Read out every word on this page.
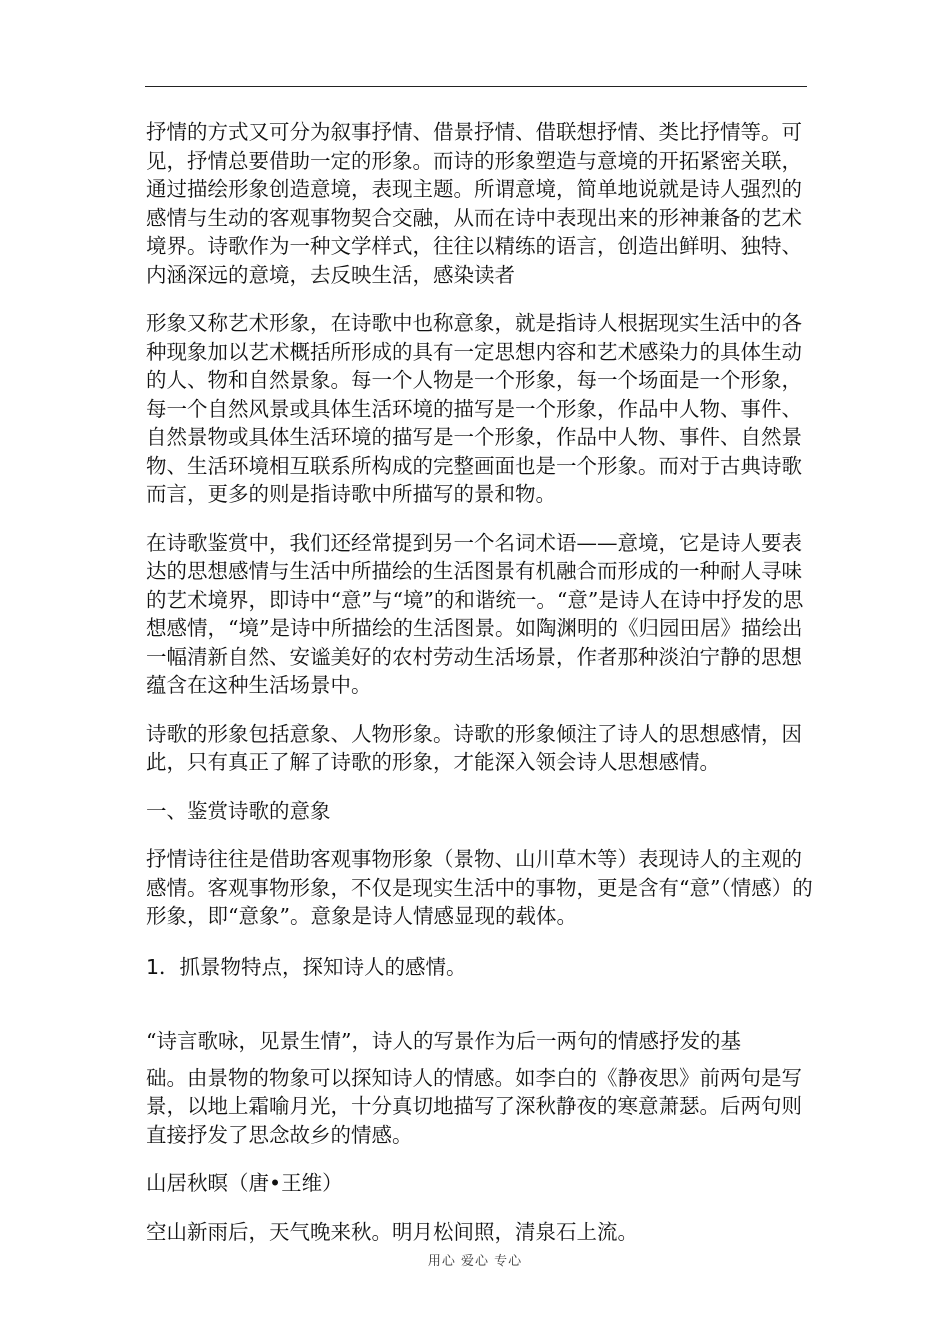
抒情的方式又可分为叙事抒情、借景抒情、借联想抒情、类比抒情等。可见，抒情总要借助一定的形象。而诗的形象塑造与意境的开拓紧密关联，通过描绘形象创造意境，表现主题。所谓意境，简单地说就是诗人强烈的感情与生动的客观事物契合交融，从而在诗中表现出来的形神兼备的艺术境界。诗歌作为一种文学样式，往往以精练的语言，创造出鲜明、独特、内涵深远的意境，去反映生活，感染读者

形象又称艺术形象，在诗歌中也称意象，就是指诗人根据现实生活中的各种现象加以艺术概括所形成的具有一定思想内容和艺术感染力的具体生动的人、物和自然景象。每一个人物是一个形象，每一个场面是一个形象，每一个自然风景或具体生活环境的描写是一个形象，作品中人物、事件、自然景物或具体生活环境的描写是一个形象，作品中人物、事件、自然景物、生活环境相互联系所构成的完整画面也是一个形象。而对于古典诗歌而言，更多的则是指诗歌中所描写的景和物。

在诗歌鉴赏中，我们还经常提到另一个名词术语——意境，它是诗人要表达的思想感情与生活中所描绘的生活图景有机融合而形成的一种耐人寻味的艺术境界，即诗中“意”与“境”的和谐统一。“意”是诗人在诗中抒发的思想感情，“境”是诗中所描绘的生活图景。如陶渊明的《归园田居》描绘出一幅清新自然、安谧美好的农村劳动生活场景，作者那种淡泊宁静的思想蕴含在这种生活场景中。

诗歌的形象包括意象、人物形象。诗歌的形象倾注了诗人的思想感情，因此，只有真正了解了诗歌的形象，才能深入领会诗人思想感情。

一、鉴赏诗歌的意象

抒情诗往往是借助客观事物形象（景物、山川草木等）表现诗人的主观的感情。客观事物形象，不仅是现实生活中的事物，更是含有“意”（情感）的形象，即“意象”。意象是诗人情感显现的载体。

1．抓景物特点，探知诗人的感情。

“诗言歌咏，见景生情”，诗人的写景作为后一两句的情感抒发的基

础。由景物的物象可以探知诗人的情感。如李白的《静夜思》前两句是写景，以地上霜喻月光，十分真切地描写了深秋静夜的寒意萧瑟。后两句则直接抒发了思念故乡的情感。

山居秋暝（唐•王维）

空山新雨后，天气晚来秋。明月松间照，清泉石上流。

用心 爱心 专心
